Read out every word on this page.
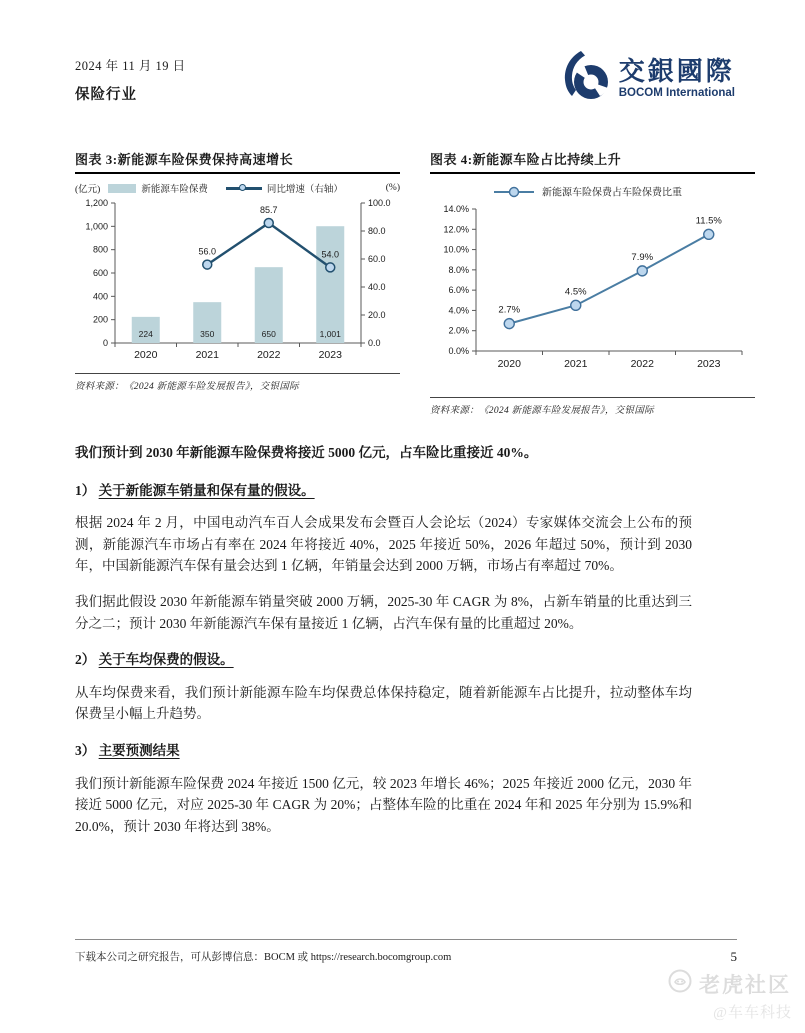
2024 年 11 月 19 日
保险行业
交銀國際
BOCOM International
图表 3:新能源车险保费保持高速增长
(亿元)	新能源车险保费	同比增速（右轴）	(%)
0
200
400
600
800
1,000
1,200
0.0
20.0
40.0
60.0
80.0
100.0
2020	2021	2022	2023
224	350	650	1,001
56.0
85.7
54.0
资料来源：《2024 新能源车险发展报告》，交银国际
图表 4:新能源车险占比持续上升
新能源车险保费占车险保费比重
0.0%
2.0%
4.0%
6.0%
8.0%
10.0%
12.0%
14.0%
2020	2021	2022	2023
2.7%
4.5%
7.9%
11.5%
资料来源：《2024 新能源车险发展报告》，交银国际
我们预计到 2030 年新能源车险保费将接近 5000 亿元，占车险比重接近 40%。
1） 关于新能源车销量和保有量的假设。

根据 2024 年 2 月，中国电动汽车百人会成果发布会暨百人会论坛（2024）专家媒体交流会上公布的预测，新能源汽车市场占有率在 2024 年将接近 40%，2025 年接近 50%，2026 年超过 50%，预计到 2030 年，中国新能源汽车保有量会达到 1 亿辆，年销量会达到 2000 万辆，市场占有率超过 70%。

我们据此假设 2030 年新能源车销量突破 2000 万辆，2025-30 年 CAGR 为 8%，占新车销量的比重达到三分之二；预计 2030 年新能源汽车保有量接近 1 亿辆，占汽车保有量的比重超过 20%。

2） 关于车均保费的假设。

从车均保费来看，我们预计新能源车险车均保费总体保持稳定，随着新能源车占比提升，拉动整体车均保费呈小幅上升趋势。

3） 主要预测结果

我们预计新能源车险保费 2024 年接近 1500 亿元，较 2023 年增长 46%；2025 年接近 2000 亿元，2030 年接近 5000 亿元，对应 2025-30 年 CAGR 为 20%；占整体车险的比重在 2024 年和 2025 年分别为 15.9%和 20.0%，预计 2030 年将达到 38%。

下载本公司之研究报告，可从彭博信息：BOCM 或 https://research.bocomgroup.com	5
老虎社区
@车车科技
